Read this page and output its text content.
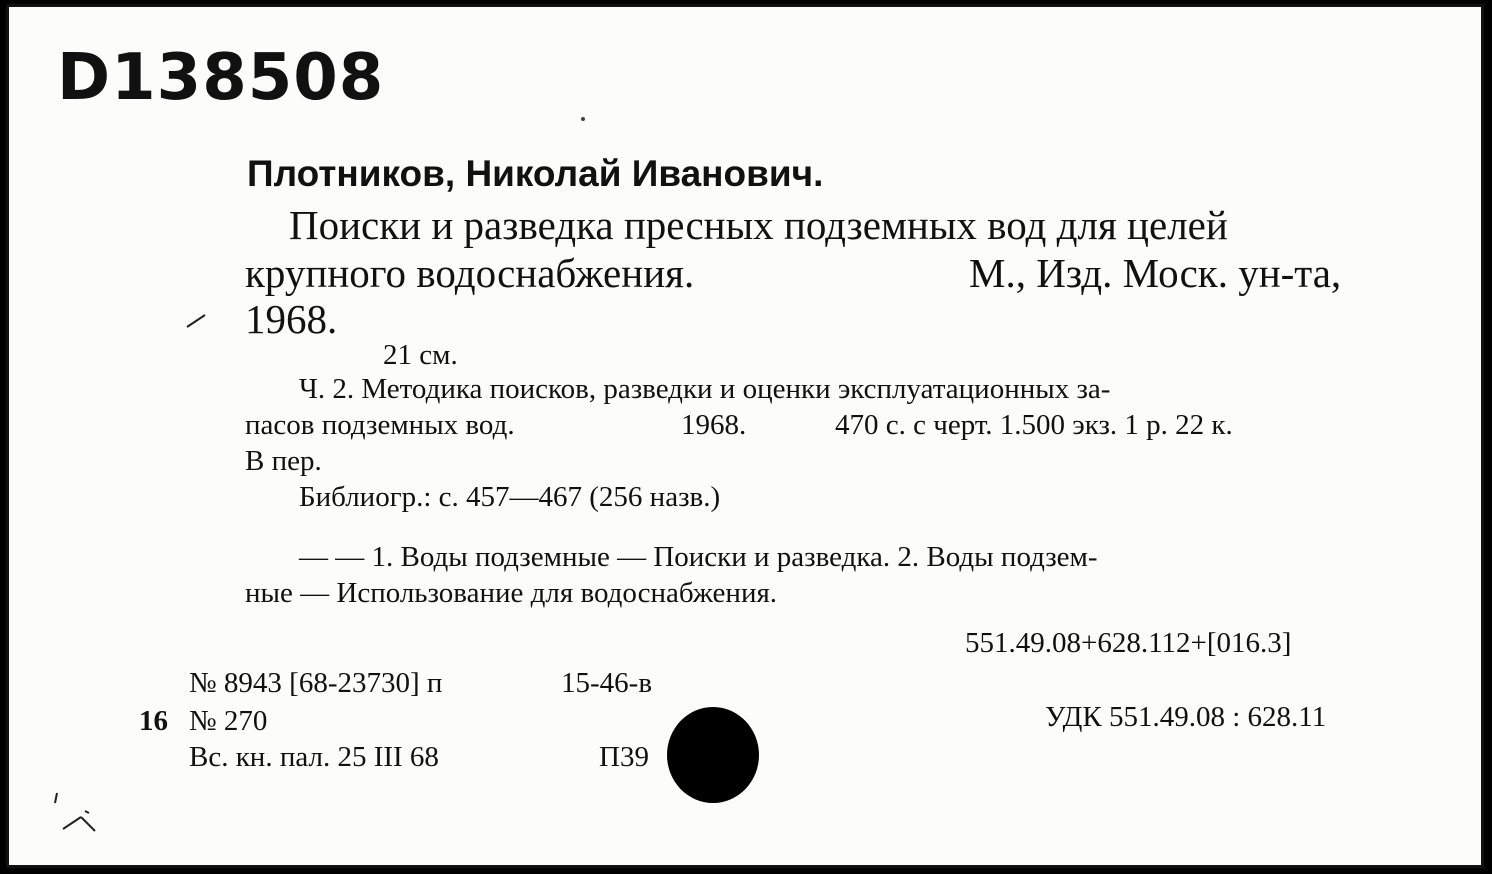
D138508
Плотников, Николай Иванович.
Поиски и разведка пресных подземных вод для целей
крупного водоснабжения.	М., Изд. Моск. ун-та,
1968.
21 см.
Ч. 2. Методика поисков, разведки и оценки эксплуатационных за-
пасов подземных вод.	1968.	470 с. с черт. 1.500 экз. 1 р. 22 к.
В пер.
Библиогр.: с. 457—467 (256 назв.)
— — 1. Воды подземные — Поиски и разведка. 2. Воды подзем-
ные — Использование для водоснабжения.
551.49.08+628.112+[016.3]
№ 8943 [68-23730] п	15-46-в
16 № 270	УДК 551.49.08 : 628.11
Вс. кн. пал. 25 III 68	П39
